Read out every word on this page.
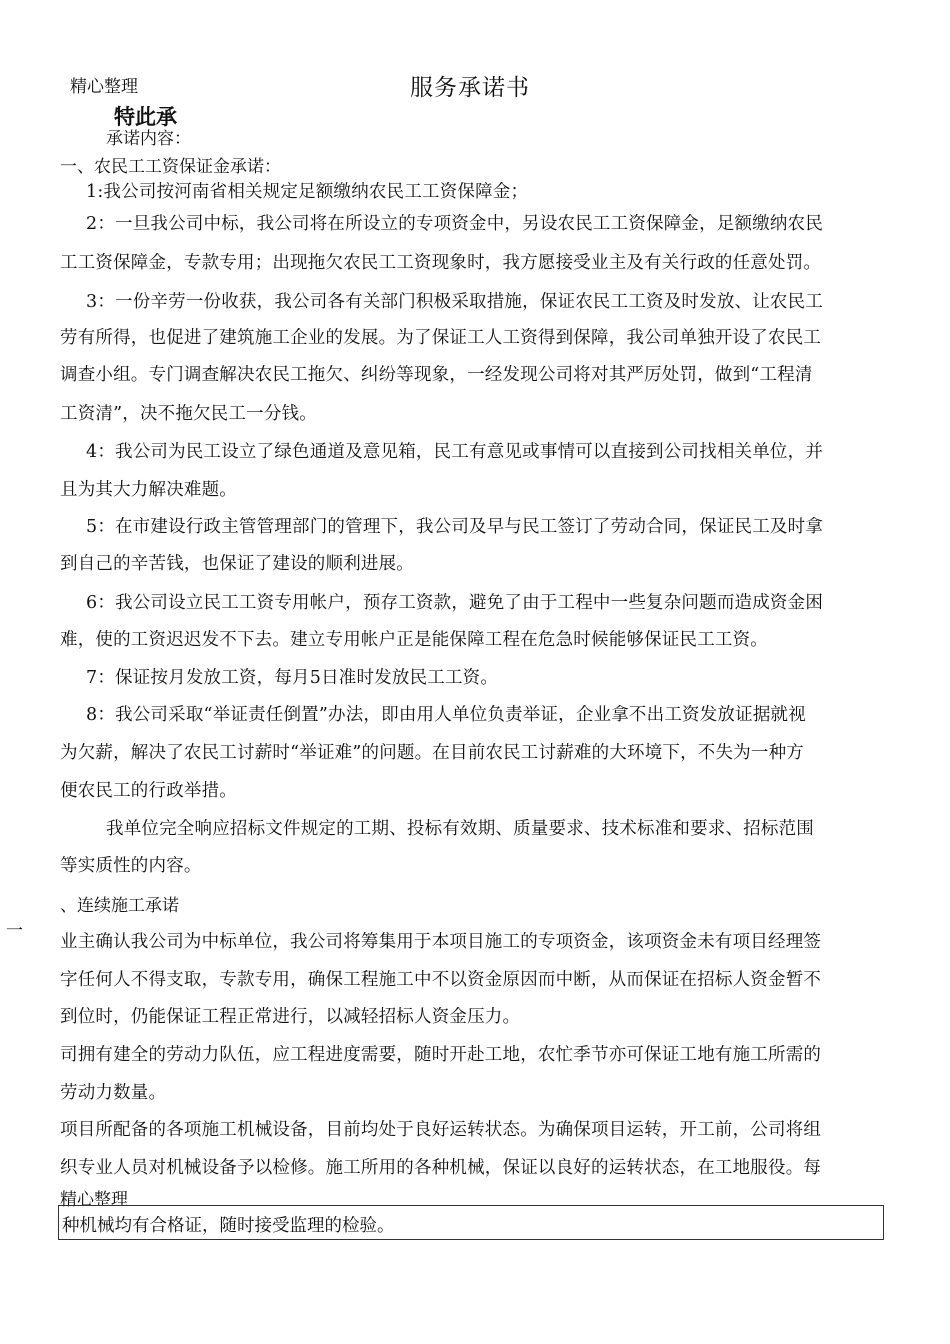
精心整理	服务承诺书
特此承
承诺内容：
一、农民工工资保证金承诺：
1:我公司按河南省相关规定足额缴纳农民工工资保障金；
2：一旦我公司中标，我公司将在所设立的专项资金中，另设农民工工资保障金，足额缴纳农民
工工资保障金，专款专用；出现拖欠农民工工资现象时，我方愿接受业主及有关行政的任意处罚。
3：一份辛劳一份收获，我公司各有关部门积极采取措施，保证农民工工资及时发放、让农民工
劳有所得，也促进了建筑施工企业的发展。为了保证工人工资得到保障，我公司单独开设了农民工
调查小组。专门调查解决农民工拖欠、纠纷等现象，一经发现公司将对其严厉处罚，做到“工程清
工资清”，决不拖欠民工一分钱。
4：我公司为民工设立了绿色通道及意见箱，民工有意见或事情可以直接到公司找相关单位，并
且为其大力解决难题。
5：在市建设行政主管管理部门的管理下，我公司及早与民工签订了劳动合同，保证民工及时拿
到自己的辛苦钱，也保证了建设的顺利进展。
6：我公司设立民工工资专用帐户，预存工资款，避免了由于工程中一些复杂问题而造成资金困
难，使的工资迟迟发不下去。建立专用帐户正是能保障工程在危急时候能够保证民工工资。
7：保证按月发放工资，每月5日准时发放民工工资。
8：我公司采取“举证责任倒置”办法，即由用人单位负责举证，企业拿不出工资发放证据就视
为欠薪，解决了农民工讨薪时“举证难”的问题。在目前农民工讨薪难的大环境下，不失为一种方
便农民工的行政举措。
我单位完全响应招标文件规定的工期、投标有效期、质量要求、技术标准和要求、招标范围
等实质性的内容。
、连续施工承诺
一
业主确认我公司为中标单位，我公司将筹集用于本项目施工的专项资金，该项资金未有项目经理签
字任何人不得支取，专款专用，确保工程施工中不以资金原因而中断，从而保证在招标人资金暂不
到位时，仍能保证工程正常进行，以减轻招标人资金压力。
司拥有建全的劳动力队伍，应工程进度需要，随时开赴工地，农忙季节亦可保证工地有施工所需的
劳动力数量。
项目所配备的各项施工机械设备，目前均处于良好运转状态。为确保项目运转，开工前，公司将组
织专业人员对机械设备予以检修。施工所用的各种机械，保证以良好的运转状态，在工地服役。每
精心整理
种机械均有合格证，随时接受监理的检验。
